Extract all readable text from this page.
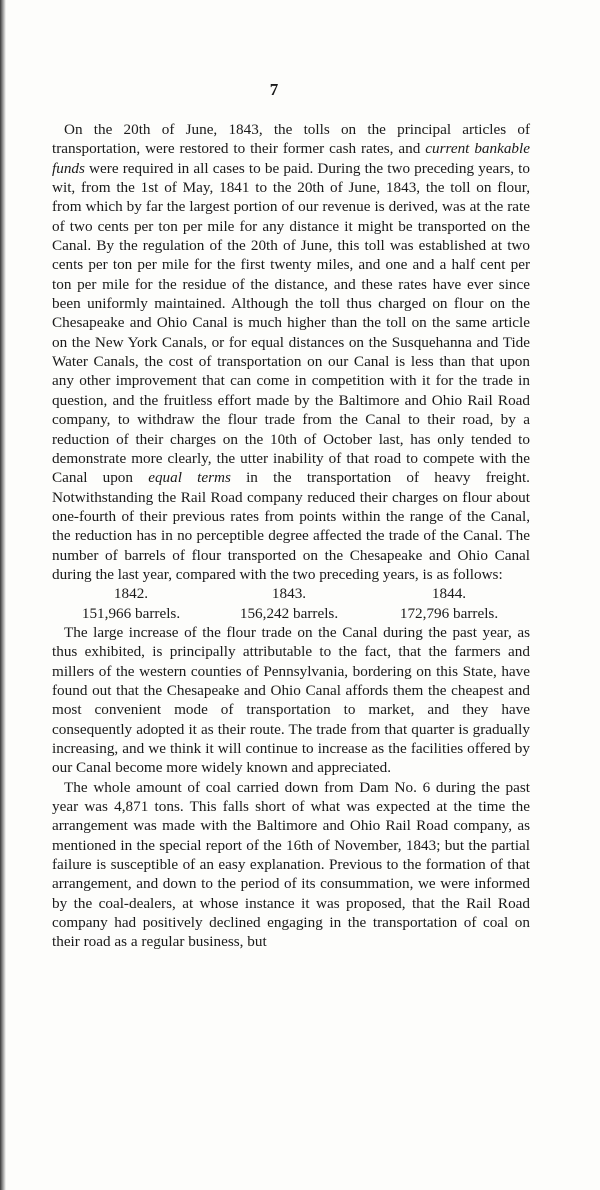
7

On the 20th of June, 1843, the tolls on the principal articles of transportation, were restored to their former cash rates, and current bankable funds were required in all cases to be paid. During the two preceding years, to wit, from the 1st of May, 1841 to the 20th of June, 1843, the toll on flour, from which by far the largest portion of our revenue is derived, was at the rate of two cents per ton per mile for any distance it might be transported on the Canal. By the regulation of the 20th of June, this toll was established at two cents per ton per mile for the first twenty miles, and one and a half cent per ton per mile for the residue of the distance, and these rates have ever since been uniformly maintained. Although the toll thus charged on flour on the Chesapeake and Ohio Canal is much higher than the toll on the same article on the New York Canals, or for equal distances on the Susquehanna and Tide Water Canals, the cost of transportation on our Canal is less than that upon any other improvement that can come in competition with it for the trade in question, and the fruitless effort made by the Baltimore and Ohio Rail Road company, to withdraw the flour trade from the Canal to their road, by a reduction of their charges on the 10th of October last, has only tended to demonstrate more clearly, the utter inability of that road to compete with the Canal upon equal terms in the transportation of heavy freight. Notwithstanding the Rail Road company reduced their charges on flour about one-fourth of their previous rates from points within the range of the Canal, the reduction has in no perceptible degree affected the trade of the Canal. The number of barrels of flour transported on the Chesapeake and Ohio Canal during the last year, compared with the two preceding years, is as follows:

1842.	1843.	1844.
151,966 barrels.	156,242 barrels.	172,796 barrels.

The large increase of the flour trade on the Canal during the past year, as thus exhibited, is principally attributable to the fact, that the farmers and millers of the western counties of Pennsylvania, bordering on this State, have found out that the Chesapeake and Ohio Canal affords them the cheapest and most convenient mode of transportation to market, and they have consequently adopted it as their route. The trade from that quarter is gradually increasing, and we think it will continue to increase as the facilities offered by our Canal become more widely known and appreciated.

The whole amount of coal carried down from Dam No. 6 during the past year was 4,871 tons. This falls short of what was expected at the time the arrangement was made with the Baltimore and Ohio Rail Road company, as mentioned in the special report of the 16th of November, 1843; but the partial failure is susceptible of an easy explanation. Previous to the formation of that arrangement, and down to the period of its consummation, we were informed by the coal-dealers, at whose instance it was proposed, that the Rail Road company had positively declined engaging in the transportation of coal on their road as a regular business, but
